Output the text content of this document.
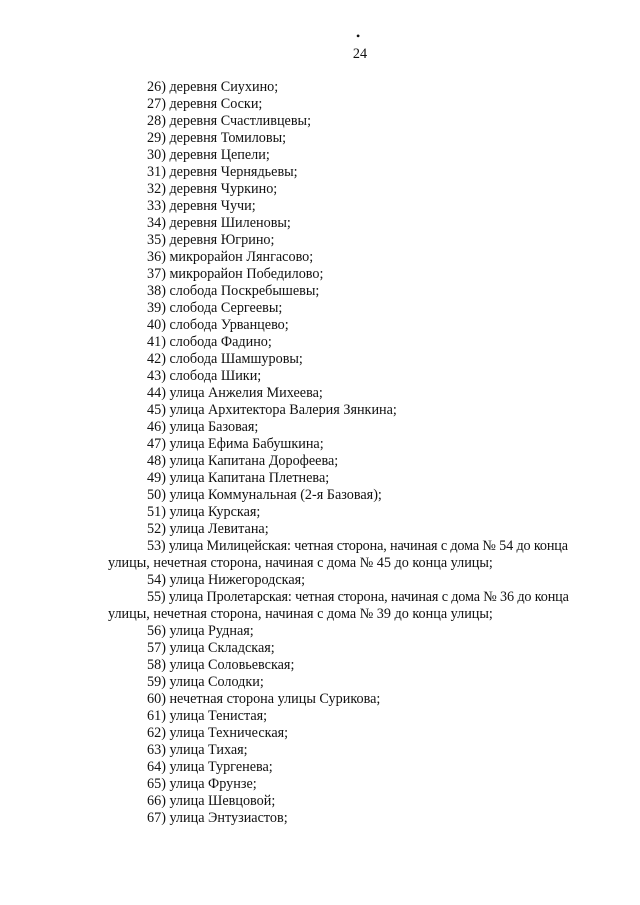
•
24
26) деревня Сиухино;
27) деревня Соски;
28) деревня Счастливцевы;
29) деревня Томиловы;
30) деревня Цепели;
31) деревня Чернядьевы;
32) деревня Чуркино;
33) деревня Чучи;
34) деревня Шиленовы;
35) деревня Югрино;
36) микрорайон Лянгасово;
37) микрорайон Победилово;
38) слобода Поскребышевы;
39) слобода Сергеевы;
40) слобода Урванцево;
41) слобода Фадино;
42) слобода Шамшуровы;
43) слобода Шики;
44) улица Анжелия Михеева;
45) улица Архитектора Валерия Зянкина;
46) улица Базовая;
47) улица Ефима Бабушкина;
48) улица Капитана Дорофеева;
49) улица Капитана Плетнева;
50) улица Коммунальная (2-я Базовая);
51) улица Курская;
52) улица Левитана;
53) улица Милицейская: четная сторона, начиная с дома № 54 до конца
улицы, нечетная сторона, начиная с дома № 45 до конца улицы;
54) улица Нижегородская;
55) улица Пролетарская: четная сторона, начиная с дома № 36 до конца
улицы, нечетная сторона, начиная с дома № 39 до конца улицы;
56) улица Рудная;
57) улица Складская;
58) улица Соловьевская;
59) улица Солодки;
60) нечетная сторона улицы Сурикова;
61) улица Тенистая;
62) улица Техническая;
63) улица Тихая;
64) улица Тургенева;
65) улица Фрунзе;
66) улица Шевцовой;
67) улица Энтузиастов;
